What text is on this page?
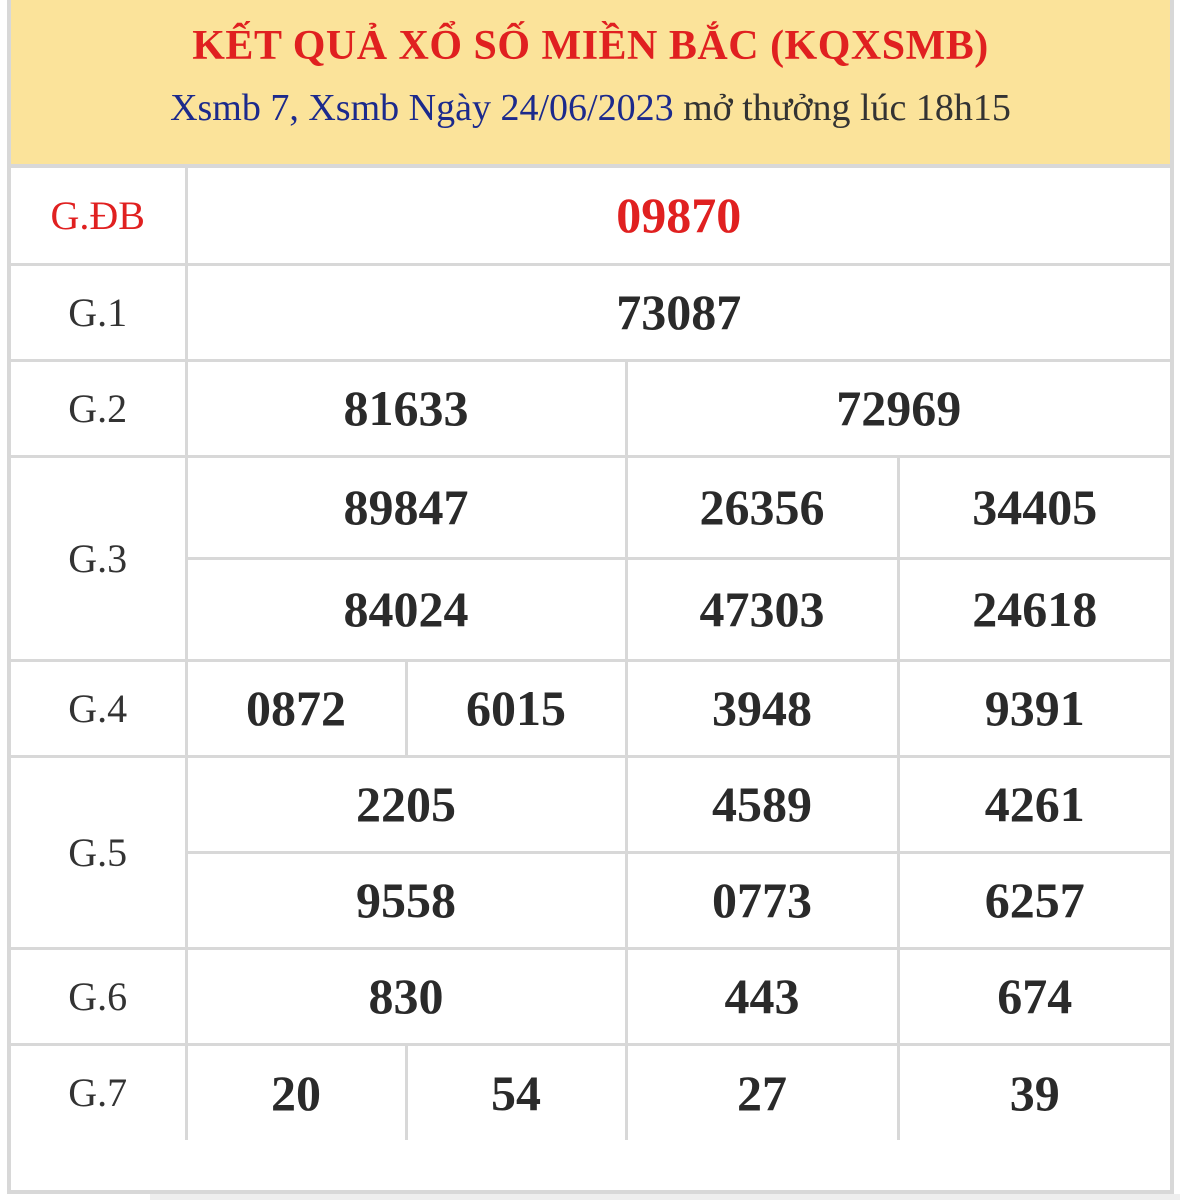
KẾT QUẢ XỔ SỐ MIỀN BẮC (KQXSMB)
Xsmb 7, Xsmb Ngày 24/06/2023 mở thưởng lúc 18h15
G.ĐB	09870			
G.1	73087			
G.2	81633		72969	
G.3	89847		26356	34405
	84024		47303	24618
G.4	0872	6015	3948	9391
G.5	2205		4589	4261
	9558		0773	6257
G.6	830		443	674
G.7	20	54	27	39
